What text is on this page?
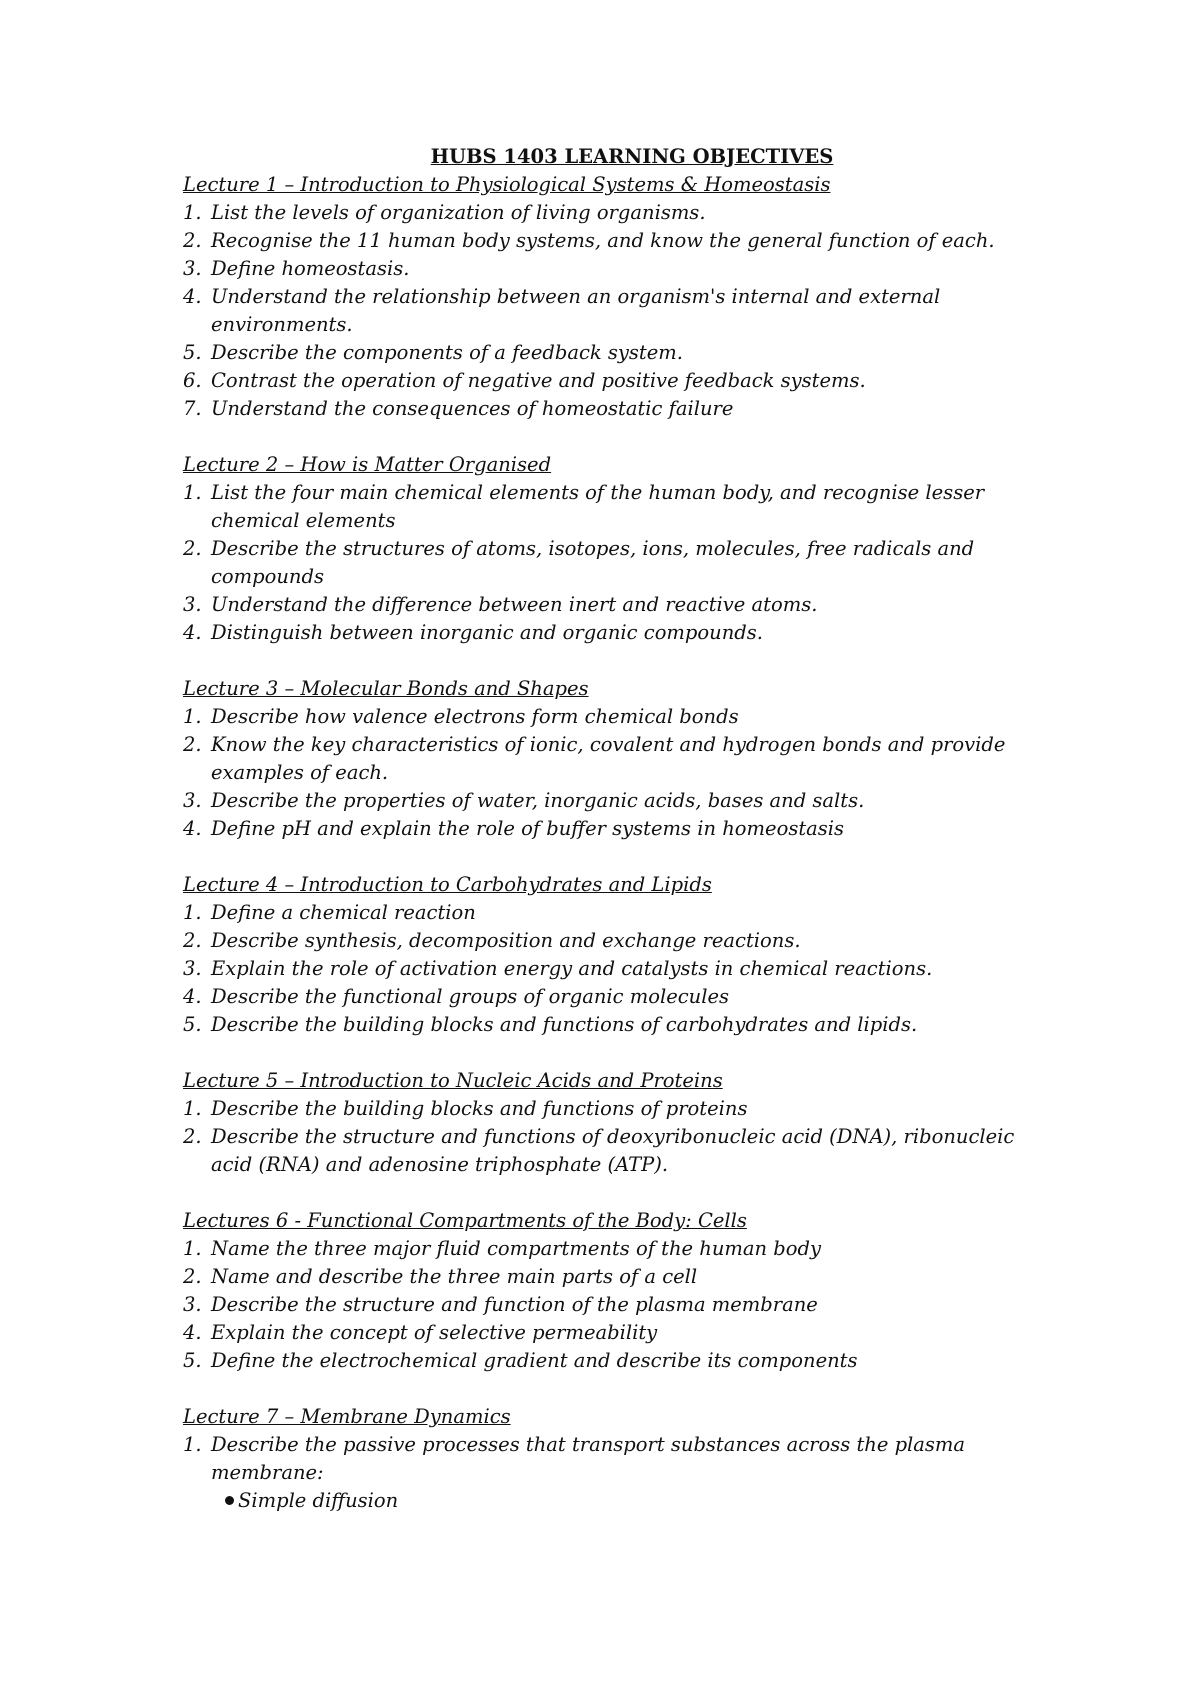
HUBS 1403 LEARNING OBJECTIVES

Lecture 1 – Introduction to Physiological Systems & Homeostasis

1. List the levels of organization of living organisms.
2. Recognise the 11 human body systems, and know the general function of each.
3. Define homeostasis.
4. Understand the relationship between an organism's internal and external environments.
5. Describe the components of a feedback system.
6. Contrast the operation of negative and positive feedback systems.
7. Understand the consequences of homeostatic failure

Lecture 2 – How is Matter Organised

1. List the four main chemical elements of the human body, and recognise lesser chemical elements
2. Describe the structures of atoms, isotopes, ions, molecules, free radicals and compounds
3. Understand the difference between inert and reactive atoms.
4. Distinguish between inorganic and organic compounds.

Lecture 3 – Molecular Bonds and Shapes

1. Describe how valence electrons form chemical bonds
2. Know the key characteristics of ionic, covalent and hydrogen bonds and provide examples of each.
3. Describe the properties of water, inorganic acids, bases and salts.
4. Define pH and explain the role of buffer systems in homeostasis

Lecture 4 – Introduction to Carbohydrates and Lipids

1. Define a chemical reaction
2. Describe synthesis, decomposition and exchange reactions.
3. Explain the role of activation energy and catalysts in chemical reactions.
4. Describe the functional groups of organic molecules
5. Describe the building blocks and functions of carbohydrates and lipids.

Lecture 5 – Introduction to Nucleic Acids and Proteins

1. Describe the building blocks and functions of proteins
2. Describe the structure and functions of deoxyribonucleic acid (DNA), ribonucleic acid (RNA) and adenosine triphosphate (ATP).

Lectures 6 - Functional Compartments of the Body: Cells

1. Name the three major fluid compartments of the human body
2. Name and describe the three main parts of a cell
3. Describe the structure and function of the plasma membrane
4. Explain the concept of selective permeability
5. Define the electrochemical gradient and describe its components

Lecture 7 – Membrane Dynamics

1. Describe the passive processes that transport substances across the plasma membrane:
Simple diffusion
